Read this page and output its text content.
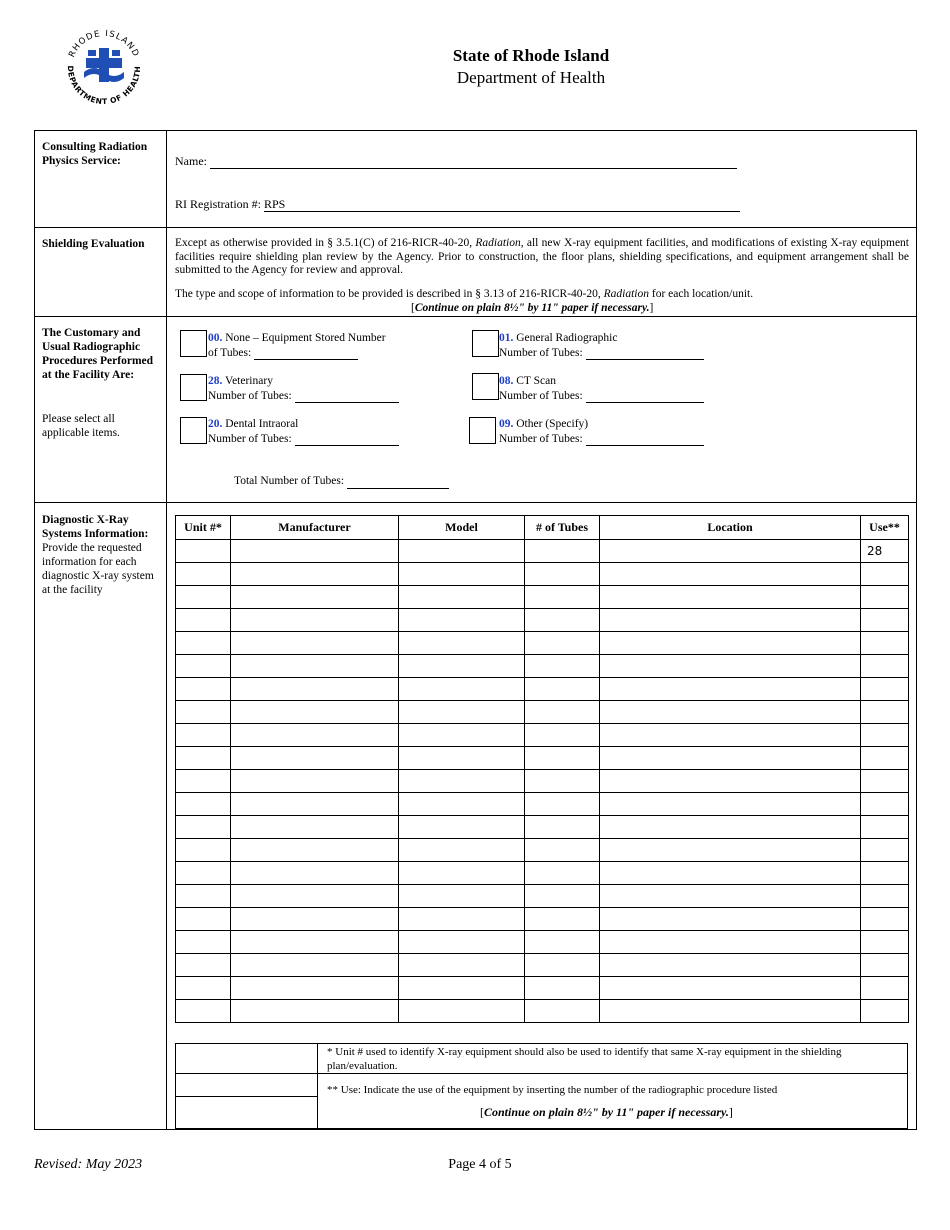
RHODE ISLAND
DEPARTMENT OF HEALTH
State of Rhode Island
Department of Health
Consulting Radiation Physics Service:	Name:
RI Registration #: RPS
Shielding Evaluation	Except as otherwise provided in § 3.5.1(C) of 216-RICR-40-20, Radiation, all new X-ray equipment facilities, and modifications of existing X-ray equipment facilities require shielding plan review by the Agency. Prior to construction, the floor plans, shielding specifications, and equipment arrangement shall be submitted to the Agency for review and approval.
The type and scope of information to be provided is described in § 3.13 of 216-RICR-40-20, Radiation for each location/unit.
[Continue on plain 8½" by 11" paper if necessary.]
The Customary and Usual Radiographic Procedures Performed at the Facility Are:
Please select all applicable items.
00. None – Equipment Stored Number
of Tubes:
01. General Radiographic
Number of Tubes:
28. Veterinary
Number of Tubes:
08. CT Scan
Number of Tubes:
20. Dental Intraoral
Number of Tubes:
09. Other (Specify)
Number of Tubes:
Total Number of Tubes:
Diagnostic X-Ray Systems Information:
Provide the requested information for each diagnostic X-ray system at the facility
Unit #*	Manufacturer	Model	# of Tubes	Location	Use**
					28

* Unit # used to identify X-ray equipment should also be used to identify that same X-ray equipment in the shielding plan/evaluation.
** Use: Indicate the use of the equipment by inserting the number of the radiographic procedure listed
[Continue on plain 8½" by 11" paper if necessary.]
Revised: May 2023	Page 4 of 5
